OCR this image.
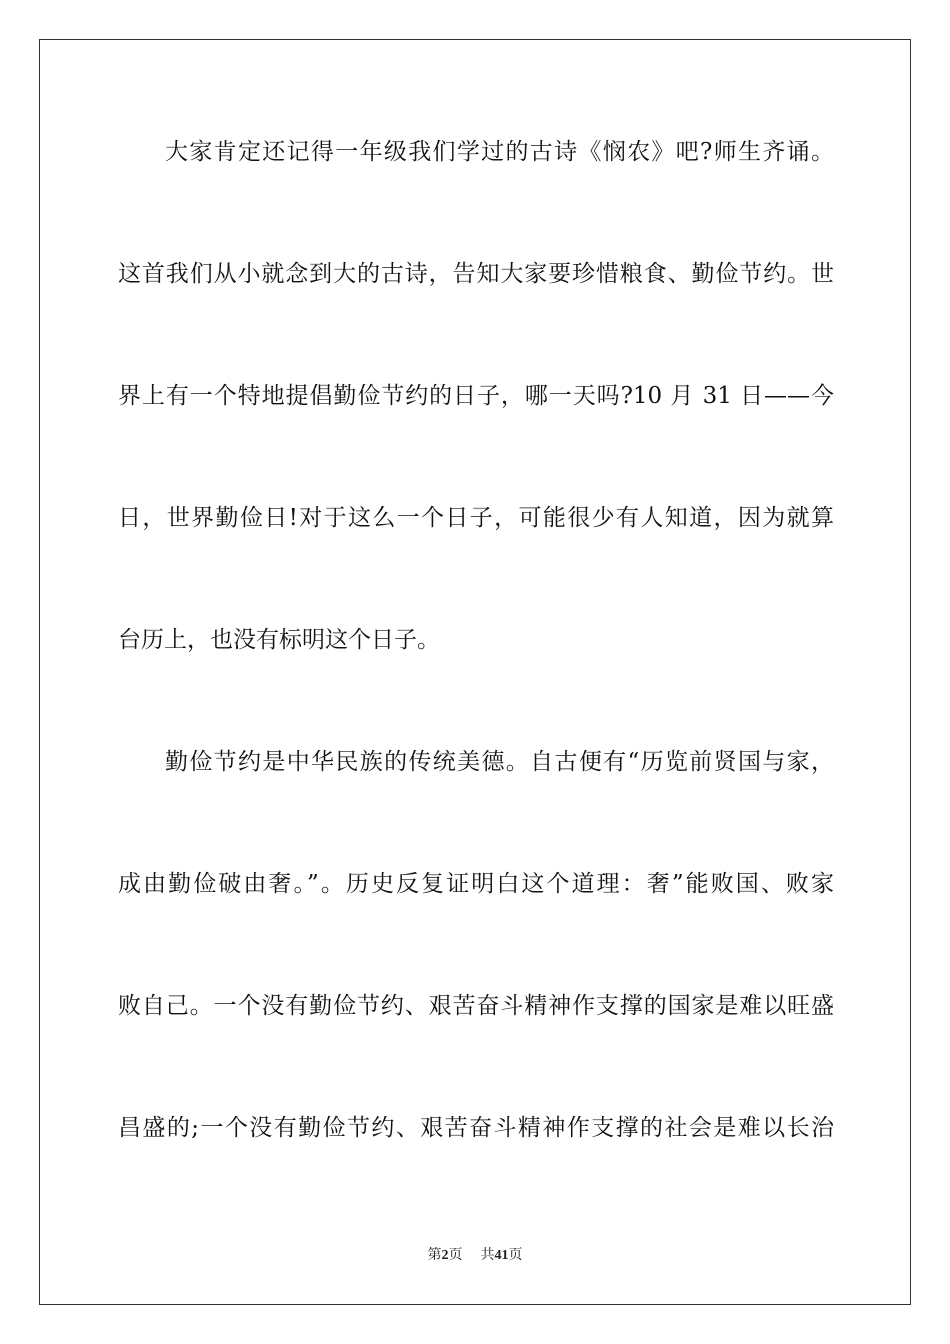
大家肯定还记得一年级我们学过的古诗《悯农》吧?师生齐诵。
这首我们从小就念到大的古诗，告知大家要珍惜粮食、勤俭节约。世
界上有一个特地提倡勤俭节约的日子，哪一天吗?10 月 31 日——今
日，世界勤俭日!对于这么一个日子，可能很少有人知道，因为就算
台历上，也没有标明这个日子。
勤俭节约是中华民族的传统美德。自古便有“历览前贤国与家，
成由勤俭破由奢。”。历史反复证明白这个道理：奢”能败国、败家
败自己。一个没有勤俭节约、艰苦奋斗精神作支撑的国家是难以旺盛
昌盛的;一个没有勤俭节约、艰苦奋斗精神作支撑的社会是难以长治
第2页 共41页
